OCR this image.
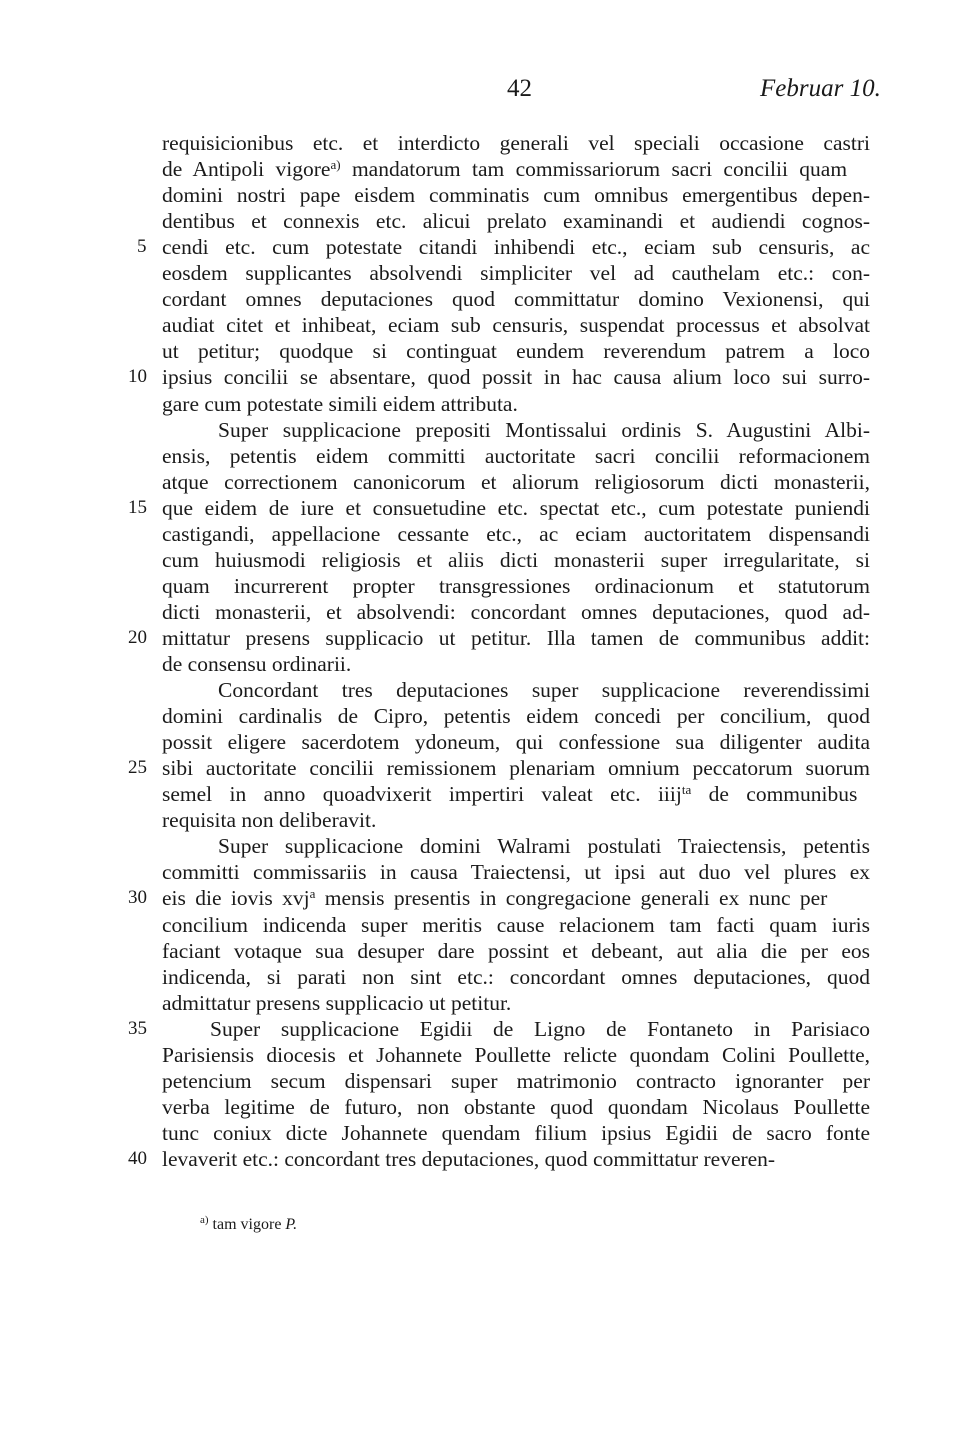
42	Februar 10.
requisicionibus etc. et interdicto generali vel speciali occasione castri
de Antipoli vigore$^{a)}$ mandatorum tam commissariorum sacri concilii quam
domini nostri pape eisdem comminatis cum omnibus emergentibus depen-
dentibus et connexis etc. alicui prelato examinandi et audiendi cognos-
cendi etc. cum potestate citandi inhibendi etc., eciam sub censuris, ac
eosdem supplicantes absolvendi simpliciter vel ad cauthelam etc.: con-
cordant omnes deputaciones quod committatur domino Vexionensi, qui
audiat citet et inhibeat, eciam sub censuris, suspendat processus et absolvat
ut petitur; quodque si continguat eundem reverendum patrem a loco
ipsius concilii se absentare, quod possit in hac causa alium loco sui surro-
gare cum potestate simili eidem attributa.
Super supplicacione prepositi Montissalui ordinis S. Augustini Albi-
ensis, petentis eidem committi auctoritate sacri concilii reformacionem
atque correctionem canonicorum et aliorum religiosorum dicti monasterii,
que eidem de iure et consuetudine etc. spectat etc., cum potestate puniendi
castigandi, appellacione cessante etc., ac eciam auctoritatem dispensandi
cum huiusmodi religiosis et aliis dicti monasterii super irregularitate, si
quam incurrerent propter transgressiones ordinacionum et statutorum
dicti monasterii, et absolvendi: concordant omnes deputaciones, quod ad-
mittatur presens supplicacio ut petitur. Illa tamen de communibus addit:
de consensu ordinarii.
Concordant tres deputaciones super supplicacione reverendissimi
domini cardinalis de Cipro, petentis eidem concedi per concilium, quod
possit eligere sacerdotem ydoneum, qui confessione sua diligenter audita
sibi auctoritate concilii remissionem plenariam omnium peccatorum suorum
semel in anno quoadvixerit impertiri valeat etc. iiij$^{ta}$ de communibus
requisita non deliberavit.
Super supplicacione domini Walrami postulati Traiectensis, petentis
committi commissariis in causa Traiectensi, ut ipsi aut duo vel plures ex
eis die iovis xvj$^a$ mensis presentis in congregacione generali ex nunc per
concilium indicenda super meritis cause relacionem tam facti quam iuris
faciant votaque sua desuper dare possint et debeant, aut alia die per eos
indicenda, si parati non sint etc.: concordant omnes deputaciones, quod
admittatur presens supplicacio ut petitur.
Super supplicacione Egidii de Ligno de Fontaneto in Parisiaco
Parisiensis diocesis et Johannete Poullette relicte quondam Colini Poullette,
petencium secum dispensari super matrimonio contracto ignoranter per
verba legitime de futuro, non obstante quod quondam Nicolaus Poullette
tunc coniux dicte Johannete quendam filium ipsius Egidii de sacro fonte
levaverit etc.: concordant tres deputaciones, quod committatur reveren-
5
10
15
20
25
30
35
40
$^{a)}$ tam vigore P.
